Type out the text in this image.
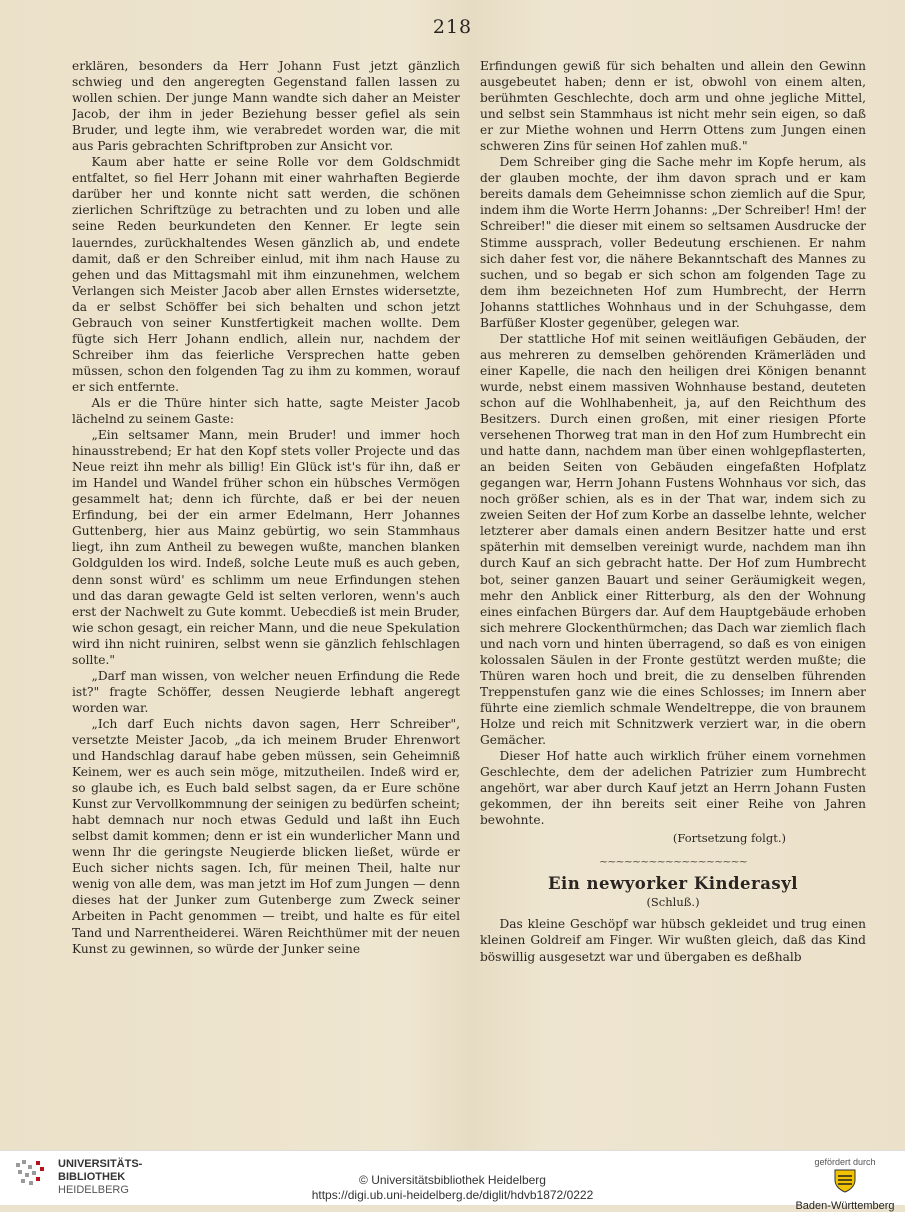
218

erklären, besonders da Herr Johann Fust jetzt gänzlich schwieg und den angeregten Gegenstand fallen lassen zu wollen schien. Der junge Mann wandte sich daher an Meister Jacob, der ihm in jeder Beziehung besser gefiel als sein Bruder, und legte ihm, wie verabredet worden war, die mit aus Paris gebrachten Schriftproben zur Ansicht vor.

Kaum aber hatte er seine Rolle vor dem Goldschmidt entfaltet, so fiel Herr Johann mit einer wahrhaften Begierde darüber her und konnte nicht satt werden, die schönen zierlichen Schriftzüge zu betrachten und zu loben und alle seine Reden beurkundeten den Kenner. Er legte sein lauerndes, zurückhaltendes Wesen gänzlich ab, und endete damit, daß er den Schreiber einlud, mit ihm nach Hause zu gehen und das Mittagsmahl mit ihm einzunehmen, welchem Verlangen sich Meister Jacob aber allen Ernstes widersetzte, da er selbst Schöffer bei sich behalten und schon jetzt Gebrauch von seiner Kunstfertigkeit machen wollte. Dem fügte sich Herr Johann endlich, allein nur, nachdem der Schreiber ihm das feierliche Versprechen hatte geben müssen, schon den folgenden Tag zu ihm zu kommen, worauf er sich entfernte.

Als er die Thüre hinter sich hatte, sagte Meister Jacob lächelnd zu seinem Gaste:

„Ein seltsamer Mann, mein Bruder! und immer hoch hinausstrebend; Er hat den Kopf stets voller Projecte und das Neue reizt ihn mehr als billig! Ein Glück ist's für ihn, daß er im Handel und Wandel früher schon ein hübsches Vermögen gesammelt hat; denn ich fürchte, daß er bei der neuen Erfindung, bei der ein armer Edelmann, Herr Johannes Guttenberg, hier aus Mainz gebürtig, wo sein Stammhaus liegt, ihn zum Antheil zu bewegen wußte, manchen blanken Goldgulden los wird. Indeß, solche Leute muß es auch geben, denn sonst würd' es schlimm um neue Erfindungen stehen und das daran gewagte Geld ist selten verloren, wenn's auch erst der Nachwelt zu Gute kommt. Uebecdieß ist mein Bruder, wie schon gesagt, ein reicher Mann, und die neue Spekulation wird ihn nicht ruiniren, selbst wenn sie gänzlich fehlschlagen sollte."

„Darf man wissen, von welcher neuen Erfindung die Rede ist?" fragte Schöffer, dessen Neugierde lebhaft angeregt worden war.

„Ich darf Euch nichts davon sagen, Herr Schreiber", versetzte Meister Jacob, „da ich meinem Bruder Ehrenwort und Handschlag darauf habe geben müssen, sein Geheimniß Keinem, wer es auch sein möge, mitzutheilen. Indeß wird er, so glaube ich, es Euch bald selbst sagen, da er Eure schöne Kunst zur Vervollkommnung der seinigen zu bedürfen scheint; habt demnach nur noch etwas Geduld und laßt ihn Euch selbst damit kommen; denn er ist ein wunderlicher Mann und wenn Ihr die geringste Neugierde blicken ließet, würde er Euch sicher nichts sagen. Ich, für meinen Theil, halte nur wenig von alle dem, was man jetzt im Hof zum Jungen — denn dieses hat der Junker zum Gutenberge zum Zweck seiner Arbeiten in Pacht genommen — treibt, und halte es für eitel Tand und Narrentheiderei. Wären Reichthümer mit der neuen Kunst zu gewinnen, so würde der Junker seine

Erfindungen gewiß für sich behalten und allein den Gewinn ausgebeutet haben; denn er ist, obwohl von einem alten, berühmten Geschlechte, doch arm und ohne jegliche Mittel, und selbst sein Stammhaus ist nicht mehr sein eigen, so daß er zur Miethe wohnen und Herrn Ottens zum Jungen einen schweren Zins für seinen Hof zahlen muß."

Dem Schreiber ging die Sache mehr im Kopfe herum, als der glauben mochte, der ihm davon sprach und er kam bereits damals dem Geheimnisse schon ziemlich auf die Spur, indem ihm die Worte Herrn Johanns: „Der Schreiber! Hm! der Schreiber!" die dieser mit einem so seltsamen Ausdrucke der Stimme aussprach, voller Bedeutung erschienen. Er nahm sich daher fest vor, die nähere Bekanntschaft des Mannes zu suchen, und so begab er sich schon am folgenden Tage zu dem ihm bezeichneten Hof zum Humbrecht, der Herrn Johanns stattliches Wohnhaus und in der Schuhgasse, dem Barfüßer Kloster gegenüber, gelegen war.

Der stattliche Hof mit seinen weitläufigen Gebäuden, der aus mehreren zu demselben gehörenden Krämerläden und einer Kapelle, die nach den heiligen drei Königen benannt wurde, nebst einem massiven Wohnhause bestand, deuteten schon auf die Wohlhabenheit, ja, auf den Reichthum des Besitzers. Durch einen großen, mit einer riesigen Pforte versehenen Thorweg trat man in den Hof zum Humbrecht ein und hatte dann, nachdem man über einen wohlgepflasterten, an beiden Seiten von Gebäuden eingefaßten Hofplatz gegangen war, Herrn Johann Fustens Wohnhaus vor sich, das noch größer schien, als es in der That war, indem sich zu zweien Seiten der Hof zum Korbe an dasselbe lehnte, welcher letzterer aber damals einen andern Besitzer hatte und erst späterhin mit demselben vereinigt wurde, nachdem man ihn durch Kauf an sich gebracht hatte. Der Hof zum Humbrecht bot, seiner ganzen Bauart und seiner Geräumigkeit wegen, mehr den Anblick einer Ritterburg, als den der Wohnung eines einfachen Bürgers dar. Auf dem Hauptgebäude erhoben sich mehrere Glockenthürmchen; das Dach war ziemlich flach und nach vorn und hinten überragend, so daß es von einigen kolossalen Säulen in der Fronte gestützt werden mußte; die Thüren waren hoch und breit, die zu denselben führenden Treppenstufen ganz wie die eines Schlosses; im Innern aber führte eine ziemlich schmale Wendeltreppe, die von braunem Holze und reich mit Schnitzwerk verziert war, in die obern Gemächer.

Dieser Hof hatte auch wirklich früher einem vornehmen Geschlechte, dem der adelichen Patrizier zum Humbrecht angehört, war aber durch Kauf jetzt an Herrn Johann Fusten gekommen, der ihn bereits seit einer Reihe von Jahren bewohnte.

(Fortsetzung folgt.)
~~~~~~~~~~~~~~~~~~
Ein newyorker Kinderasyl
(Schluß.)

Das kleine Geschöpf war hübsch gekleidet und trug einen kleinen Goldreif am Finger. Wir wußten gleich, daß das Kind böswillig ausgesetzt war und übergaben es deßhalb

UNIVERSITÄTS-
BIBLIOTHEK
HEIDELBERG
© Universitätsbibliothek Heidelberg
https://digi.ub.uni-heidelberg.de/diglit/hdvb1872/0222
gefördert durch
Baden-Württemberg
